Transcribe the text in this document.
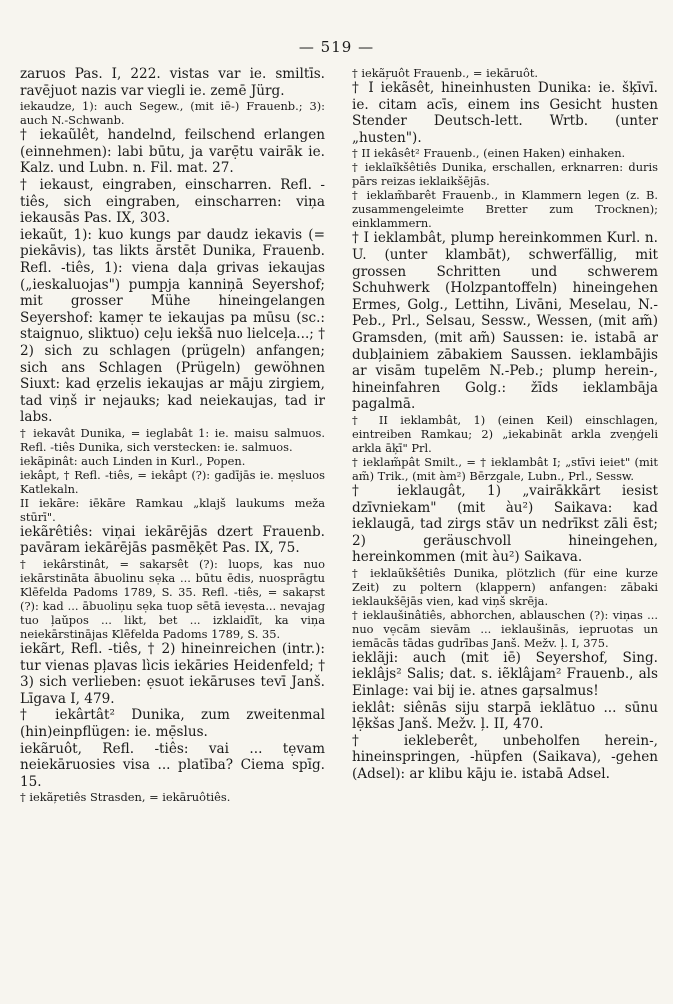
— 519 —

zaruos Pas. I, 222. vistas var ie. smiltīs. ravējuot nazis var viegli ie. zemē Jürg.

iekaudze, 1): auch Segew., (mit iē-) Frauenb.; 3): auch N.-Schwanb.

† iekaũlêt, handelnd, feilschend erlangen (einnehmen): labi būtu, ja varẹ̄tu vairāk ie. Kalz. und Lubn. n. Fil. mat. 27.

† iekaust, eingraben, einscharren. Refl. -tiês, sich eingraben, einscharren: viņa iekausās Pas. IX, 303.

iekaũt, 1): kuo kungs par daudz iekavis (= piekāvis), tas likts ārstēt Dunika, Frauenb. Refl. -tiês, 1): viena daļa grivas iekaujas („ieskaluojas") pumpja kanniņā Seyershof; mit grosser Mühe hineingelangen Seyershof: kamẹr te iekaujas pa mūsu (sc.: staignuo, sliktuo) ceļu iekšā nuo lielceļa...; † 2) sich zu schlagen (prügeln) anfangen; sich ans Schlagen (Prügeln) gewöhnen Siuxt: kad ẹrzelis iekaujas ar māju zirgiem, tad viņš ir nejauks; kad neiekaujas, tad ir labs.

† iekavât Dunika, = ieglabât 1: ie. maisu salmuos. Refl. -tiês Dunika, sich verstecken: ie. salmuos.

iekãpinât: auch Linden in Kurl., Popen.

iekâpt, † Refl. -tiês, = iekâpt (?): gadījās ie. mẹsluos Katlekaln.

II iekãre: iēkāre Ramkau „klajš laukums meža stūrī".

iekãrêtiês: viņai iekārējās dzert Frauenb. pavāram iekārējās pasmēķēt Pas. IX, 75.

† iekârstinât, = sakaŗsêt (?): luops, kas nuo iekārstināta ābuolinu sẹka ... būtu ēdis, nuosprāgtu Klēfelda Padoms 1789, S. 35. Refl. -tiês, = sakaŗst (?): kad ... ābuoliņu sẹka tuop sētā ievẹsta... nevajag tuo ļaŭpos ... likt, bet ... izklaidīt, ka viņa neiekārstinājas Klēfelda Padoms 1789, S. 35.

iekãrt, Refl. -tiês, † 2) hineinreichen (intr.): tur vienas pļavas lìcis iekāries Heidenfeld; † 3) sich verlieben: ẹsuot iekāruses tevī Janš. Līgava I, 479.

† iekârtât² Dunika, zum zweitenmal (hin)einpflügen: ie. mẹ̄slus.

iekãruôt, Refl. -tiês: vai ... tẹvam neiekāruosies visa ... platība? Ciema spīg. 15.

† iekãŗetiês Strasden, = iekāruôtiês.

† iekãŗuôt Frauenb., = iekāruôt.

† I iekãsêt, hineinhusten Dunika: ie. šķīvī. ie. citam acīs, einem ins Gesicht husten Stender Deutsch-lett. Wrtb. (unter „husten").

† II iekâsêt² Frauenb., (einen Haken) einhaken.

† ieklaĩkšêtiês Dunika, erschallen, erknarren: duris pārs reizas ieklaikšējās.

† ieklam̃barêt Frauenb., in Klammern legen (z. B. zusammengeleimte Bretter zum Trocknen); einklammern.

† I ieklambât, plump hereinkommen Kurl. n. U. (unter klambāt), schwerfällig, mit grossen Schritten und schwerem Schuhwerk (Holzpantoffeln) hineingehen Ermes, Golg., Lettihn, Livāni, Meselau, N.-Peb., Prl., Selsau, Sessw., Wessen, (mit am̃) Gramsden, (mit am̃) Saussen: ie. istabā ar dubļainiem zābakiem Saussen. ieklambājis ar visām tupelēm N.-Peb.; plump herein-, hineinfahren Golg.: žīds ieklambāja pagalmā.

† II ieklambât, 1) (einen Keil) einschlagen, eintreiben Ramkau; 2) „iekabināt arkla zveņģeli arkla āķī" Prl.

† ieklam̃pât Smilt., = † ieklambât I; „stīvi ieiet" (mit am̃) Trik., (mit àm²) Bērzgale, Lubn., Prl., Sessw.

† ieklaugât, 1) „vairākkārt iesist dzīvniekam" (mit àu²) Saikava: kad ieklaugā, tad zirgs stāv un nedrīkst zāli ēst; 2) geräuschvoll hineingehen, hereinkommen (mit àu²) Saikava.

† ieklaũkšêtiês Dunika, plötzlich (für eine kurze Zeit) zu poltern (klappern) anfangen: zābaki ieklaukšējās vien, kad viņš skrēja.

† ieklaušinâtiês, abhorchen, ablauschen (?): viņas ... nuo vẹcām sievām ... ieklaušinās, iepruotas un iemācās tādas gudrības Janš. Mežv. ļ. I, 375.

ieklãji: auch (mit iē) Seyershof, Sing. ieklâjs² Salis; dat. s. iẽklâjam² Frauenb., als Einlage: vai bij ie. atnes gaŗsalmus!

ieklât: siênās siju starpā ieklātuo ... sūnu lẹ̄kšas Janš. Mežv. ļ. II, 470.

† iekleberêt, unbeholfen herein-, hineinspringen, -hüpfen (Saikava), -gehen (Adsel): ar klibu kāju ie. istabā Adsel.
